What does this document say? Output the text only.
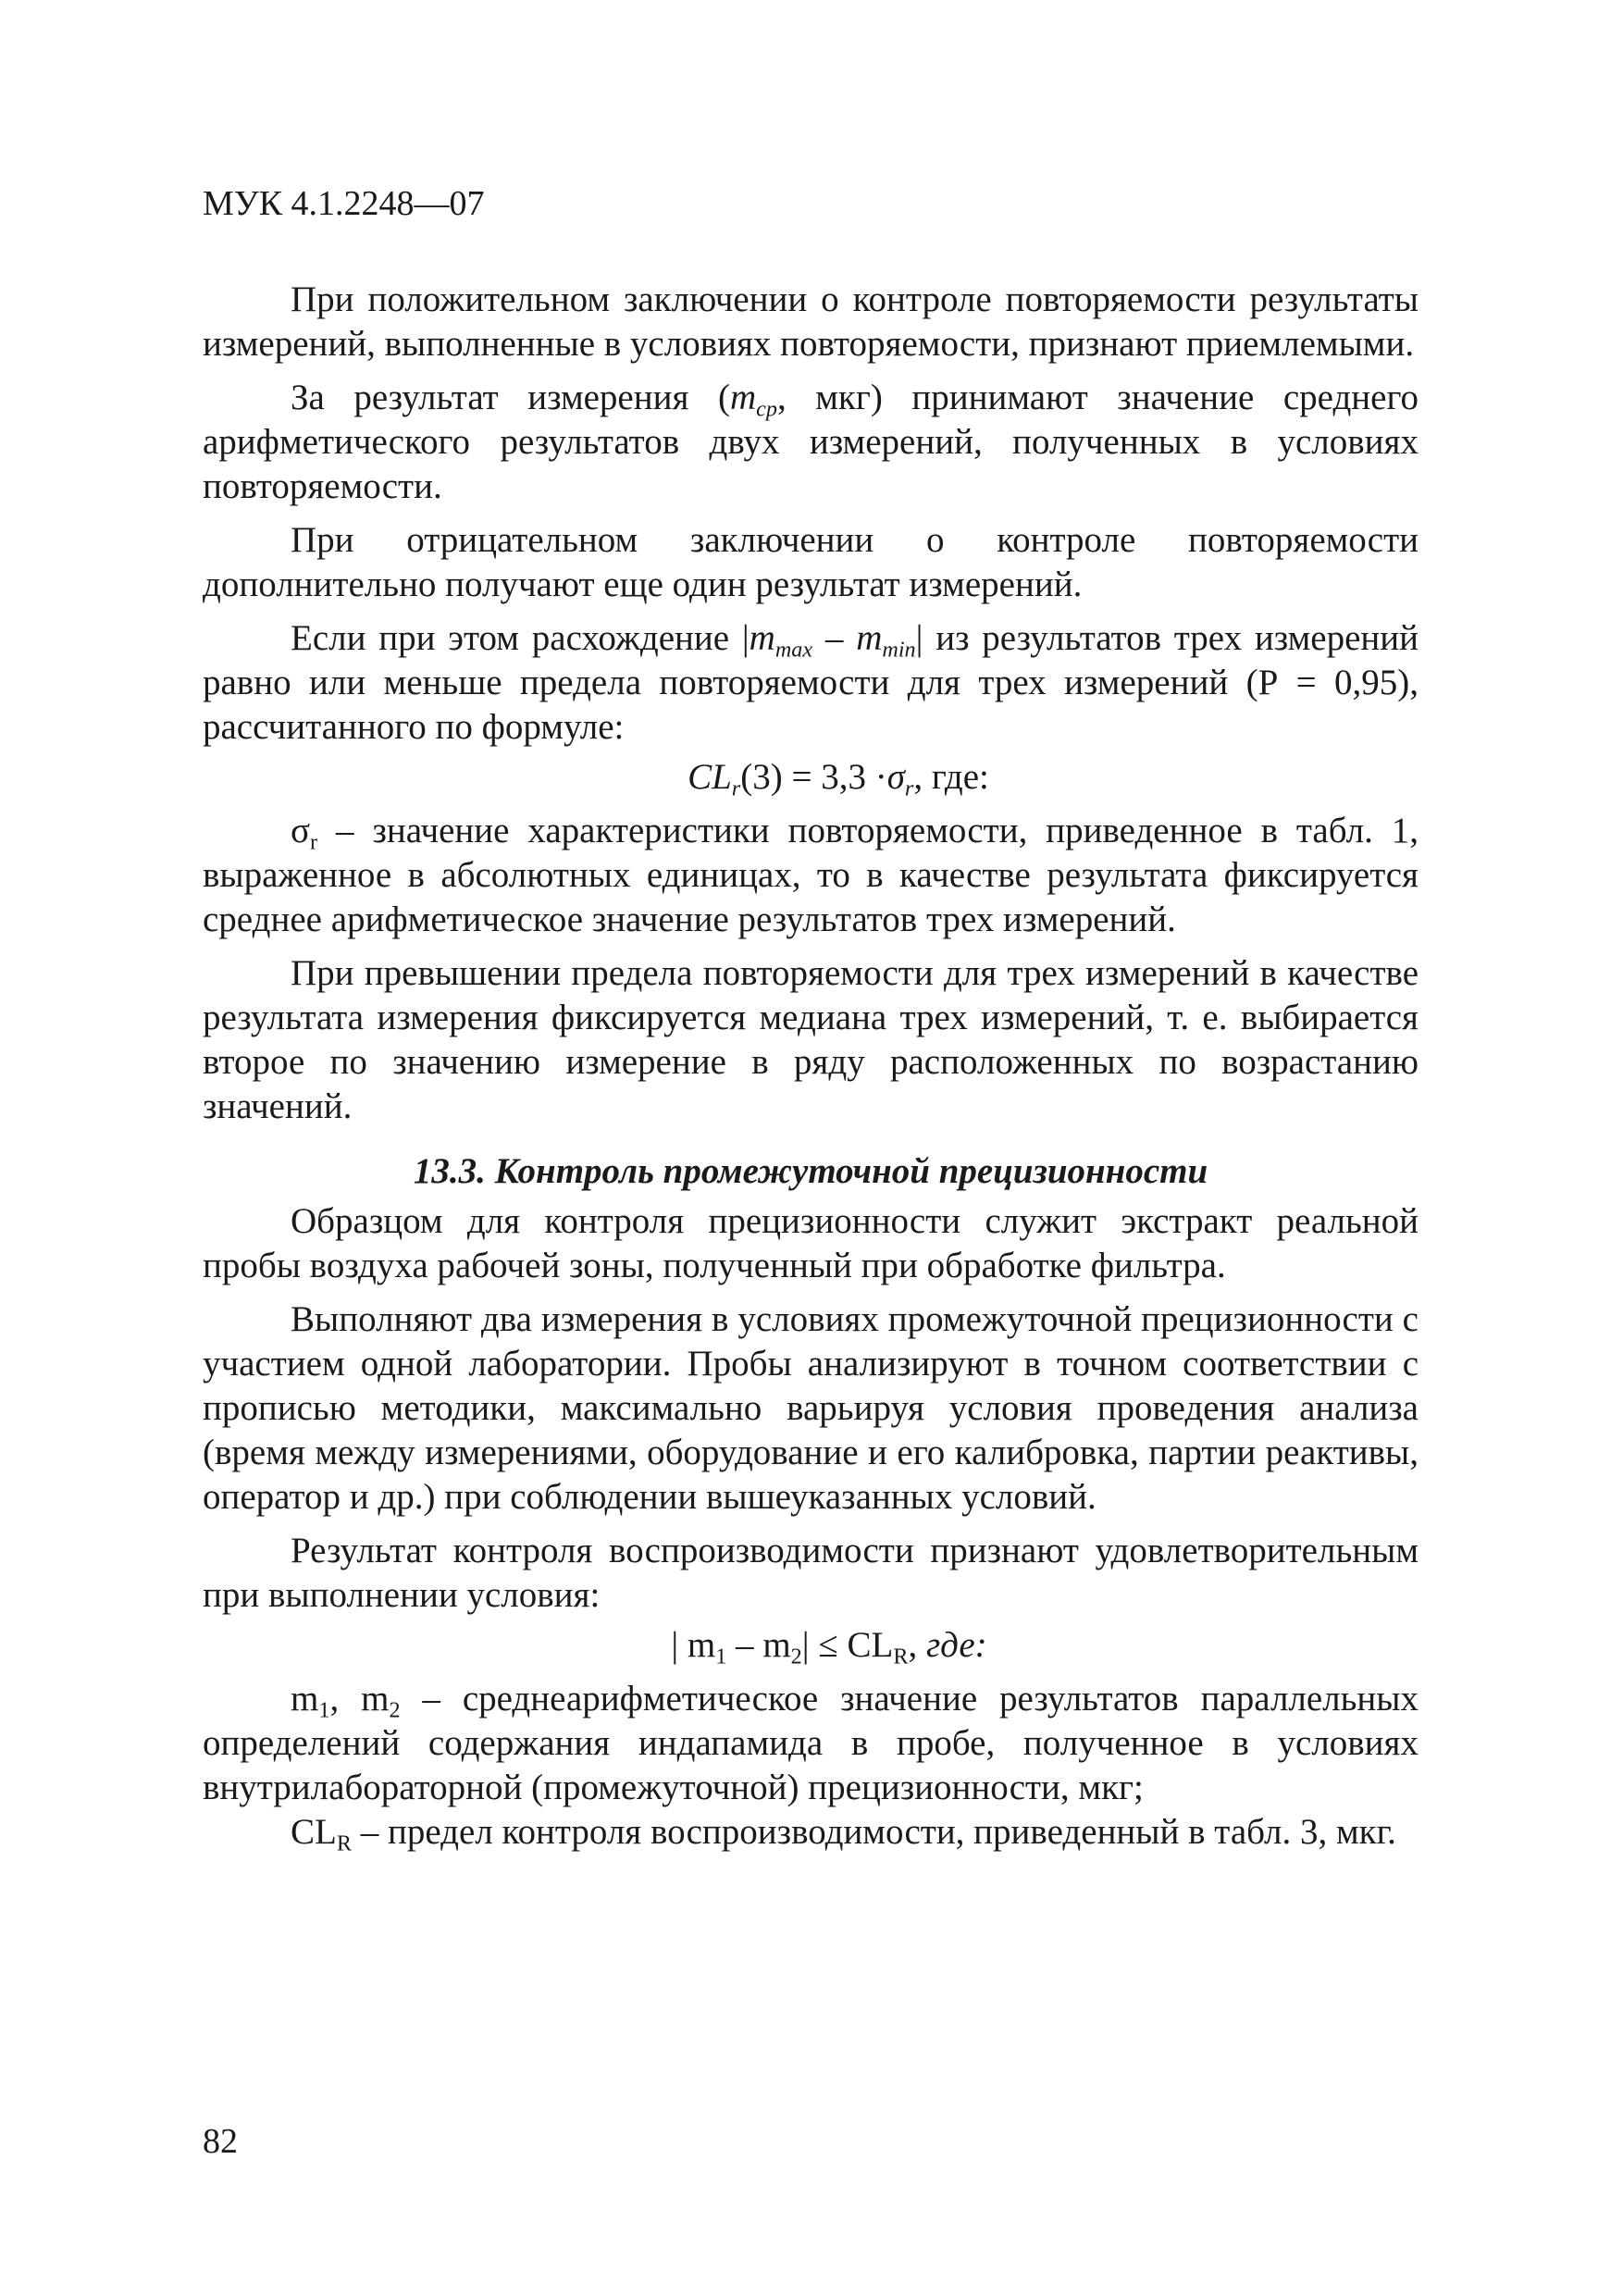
МУК 4.1.2248—07

При положительном заключении о контроле повторяемости результаты измерений, выполненные в условиях повторяемости, признают приемлемыми.

За результат измерения ($m_{ср}$, мкг) принимают значение среднего арифметического результатов двух измерений, полученных в условиях повторяемости.

При отрицательном заключении о контроле повторяемости дополнительно получают еще один результат измерений.

Если при этом расхождение $|m_{max} - m_{min}|$ из результатов трех измерений равно или меньше предела повторяемости для трех измерений (Р = 0,95), рассчитанного по формуле:

$CL_r(3) = 3,3 \cdot\sigma_r$, где:

$\sigma_r$ – значение характеристики повторяемости, приведенное в табл. 1, выраженное в абсолютных единицах, то в качестве результата фиксируется среднее арифметическое значение результатов трех измерений.

При превышении предела повторяемости для трех измерений в качестве результата измерения фиксируется медиана трех измерений, т. е. выбирается второе по значению измерение в ряду расположенных по возрастанию значений.

13.3. Контроль промежуточной прецизионности

Образцом для контроля прецизионности служит экстракт реальной пробы воздуха рабочей зоны, полученный при обработке фильтра.

Выполняют два измерения в условиях промежуточной прецизионности с участием одной лаборатории. Пробы анализируют в точном соответствии с прописью методики, максимально варьируя условия проведения анализа (время между измерениями, оборудование и его калибровка, партии реактивы, оператор и др.) при соблюдении вышеуказанных условий.

Результат контроля воспроизводимости признают удовлетворительным при выполнении условия:

| $m_1 - m_2| \le CL_R$, где:

$m_1$, $m_2$ – среднеарифметическое значение результатов параллельных определений содержания индапамида в пробе, полученное в условиях внутрилабораторной (промежуточной) прецизионности, мкг;

$CL_R$ – предел контроля воспроизводимости, приведенный в табл. 3, мкг.

82
